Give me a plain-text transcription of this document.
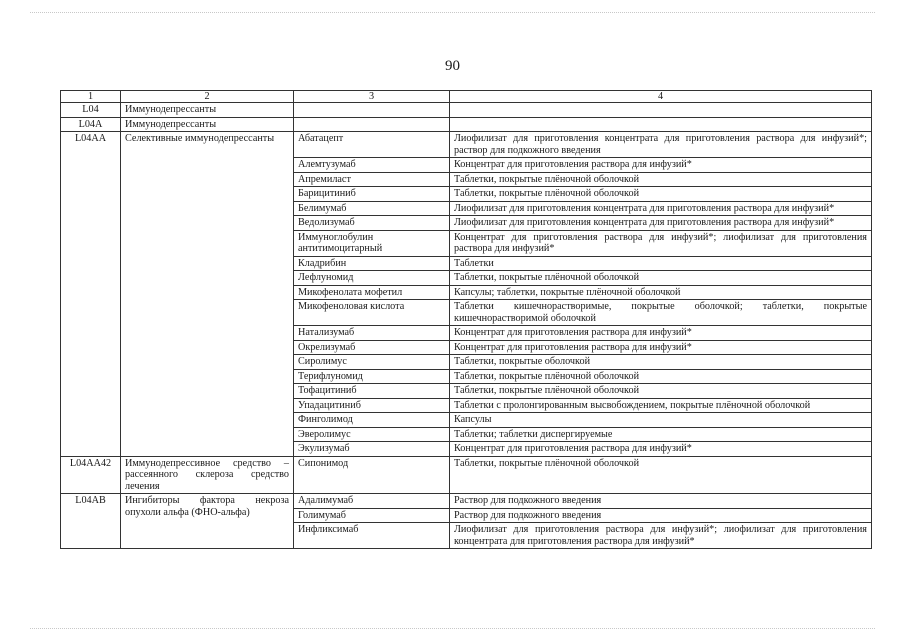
90
1	2	3	4
L04	Иммунодепрессанты		
L04A	Иммунодепрессанты		
L04AA	Селективные иммунодепрессанты	Абатацепт	Лиофилизат для приготовления концентрата для приготовления раствора для инфузий*; раствор для подкожного введения
		Алемтузумаб	Концентрат для приготовления раствора для инфузий*
		Апремиласт	Таблетки, покрытые плёночной оболочкой
		Барицитиниб	Таблетки, покрытые плёночной оболочкой
		Белимумаб	Лиофилизат для приготовления концентрата для приготовления раствора для инфузий*
		Ведолизумаб	Лиофилизат для приготовления концентрата для приготовления раствора для инфузий*
		Иммуноглобулин антитимоцитарный	Концентрат для приготовления раствора для инфузий*; лиофилизат для приготовления раствора для инфузий*
		Кладрибин	Таблетки
		Лефлуномид	Таблетки, покрытые плёночной оболочкой
		Микофенолата мофетил	Капсулы; таблетки, покрытые плёночной оболочкой
		Микофеноловая кислота	Таблетки кишечнорастворимые, покрытые оболочкой; таблетки, покрытые кишечнорастворимой оболочкой
		Натализумаб	Концентрат для приготовления раствора для инфузий*
		Окрелизумаб	Концентрат для приготовления раствора для инфузий*
		Сиролимус	Таблетки, покрытые оболочкой
		Терифлуномид	Таблетки, покрытые плёночной оболочкой
		Тофацитиниб	Таблетки, покрытые плёночной оболочкой
		Упадацитиниб	Таблетки с пролонгированным высвобождением, покрытые плёночной оболочкой
		Финголимод	Капсулы
		Эверолимус	Таблетки; таблетки диспергируемые
		Экулизумаб	Концентрат для приготовления раствора для инфузий*
L04AA42	Иммунодепрессивное средство – рассеянного склероза средство лечения	Сипонимод	Таблетки, покрытые плёночной оболочкой
L04AB	Ингибиторы фактора некроза опухоли альфа (ФНО-альфа)	Адалимумаб	Раствор для подкожного введения
		Голимумаб	Раствор для подкожного введения
		Инфликсимаб	Лиофилизат для приготовления раствора для инфузий*; лиофилизат для приготовления концентрата для приготовления раствора для инфузий*
